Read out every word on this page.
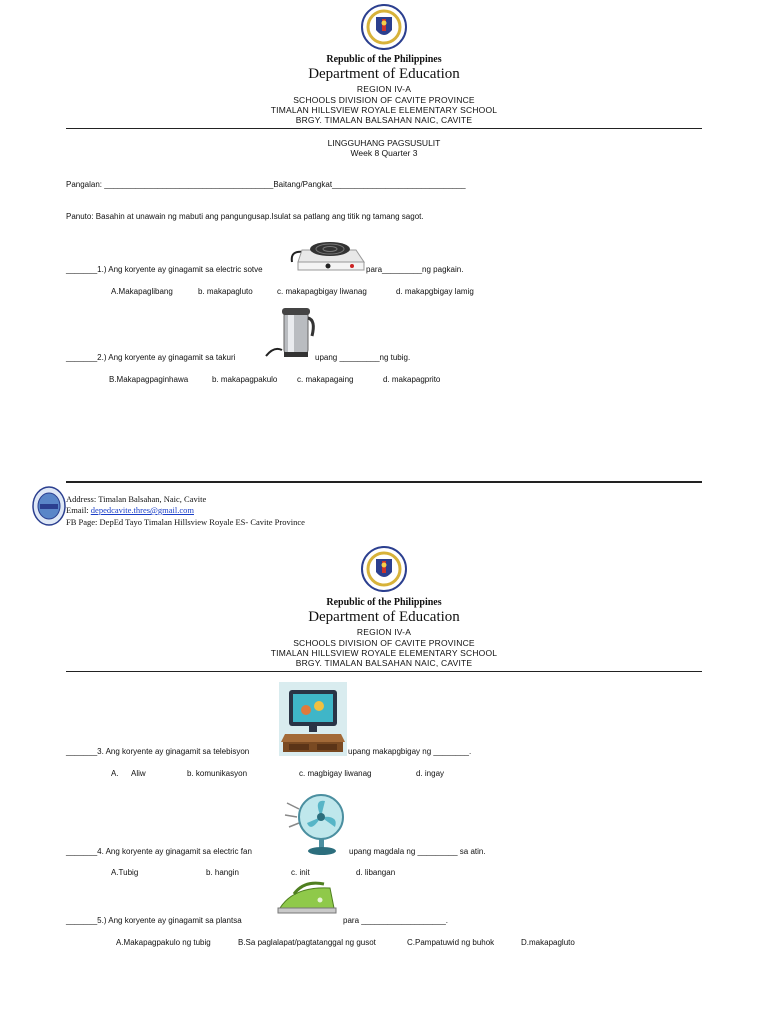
Republic of the Philippines
Department of Education
REGION IV-A
SCHOOLS DIVISION OF CAVITE PROVINCE
TIMALAN HILLSVIEW ROYALE ELEMENTARY SCHOOL
BRGY. TIMALAN BALSAHAN NAIC, CAVITE
LINGGUHANG PAGSUSULIT
Week 8 Quarter 3
Pangalan: ______________________________________Baitang/Pangkat______________________________
Panuto: Basahin at unawain ng mabuti ang pangungusap.Isulat sa patlang ang titik ng tamang sagot.
_______1.) Ang koryente ay ginagamit sa electric sotve	para_________ng pagkain.
A.Makapaglibang	b. makapagluto	c. makapagbigay liwanag	d. makapgbigay lamig
_______2.) Ang koryente ay ginagamit sa takuri	upang _________ng tubig.
B.Makapagpaginhawa	b. makapagpakulo c. makapagaing	d. makapagprito
Address: Timalan Balsahan, Naic, Cavite
Email: depedcavite.thres@gmail.com
FB Page: DepEd Tayo Timalan Hillsview Royale ES- Cavite Province
Republic of the Philippines
Department of Education
REGION IV-A
SCHOOLS DIVISION OF CAVITE PROVINCE
TIMALAN HILLSVIEW ROYALE ELEMENTARY SCHOOL
BRGY. TIMALAN BALSAHAN NAIC, CAVITE
_______3. Ang koryente ay ginagamit sa telebisyon	upang makapgbigay ng ________.
A. Aliw	b. komunikasyon	c. magbigay liwanag	d. ingay
_______4. Ang koryente ay ginagamit sa electric fan	upang magdala ng _________ sa atin.
A.Tubig	b. hangin	c. init	d. libangan
_______5.) Ang koryente ay ginagamit sa plantsa	para ___________________.
A.Makapagpakulo ng tubig	B.Sa paglalapat/pagtatanggal ng gusot	C.Pampatuwid ng buhok	D.makapagluto
